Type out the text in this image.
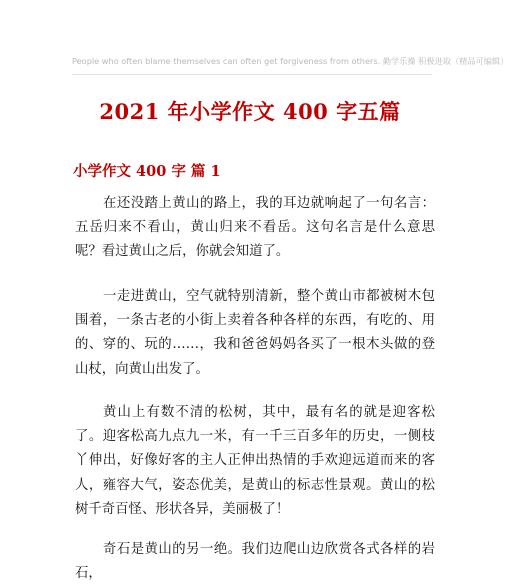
People who often blame themselves can often get forgiveness from others. 勤学乐操 积极进取（精品可编辑）
2021 年小学作文 400 字五篇
小学作文 400 字 篇 1

在还没踏上黄山的路上，我的耳边就响起了一句名言：五岳归来不看山，黄山归来不看岳。这句名言是什么意思呢？看过黄山之后，你就会知道了。

一走进黄山，空气就特别清新，整个黄山市都被树木包围着，一条古老的小街上卖着各种各样的东西，有吃的、用的、穿的、玩的……，我和爸爸妈妈各买了一根木头做的登山杖，向黄山出发了。

黄山上有数不清的松树，其中，最有名的就是迎客松了。迎客松高九点九一米，有一千三百多年的历史，一侧枝丫伸出，好像好客的主人正伸出热情的手欢迎远道而来的客人，雍容大气，姿态优美，是黄山的标志性景观。黄山的松树千奇百怪、形状各异，美丽极了！

奇石是黄山的另一绝。我们边爬山边欣赏各式各样的岩石，
